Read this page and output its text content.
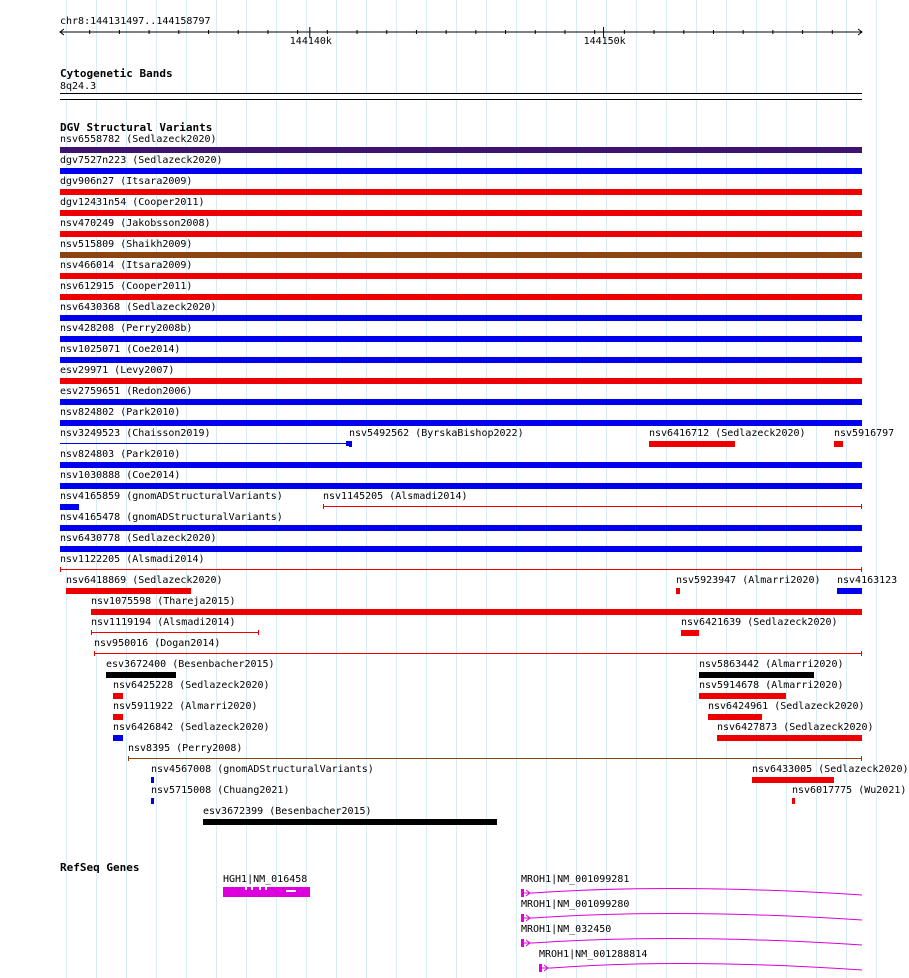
chr8:144131497..144158797
144140k	144150k
Cytogenetic Bands
8q24.3
DGV Structural Variants
nsv6558782 (Sedlazeck2020)
dgv7527n223 (Sedlazeck2020)
dgv906n27 (Itsara2009)
dgv12431n54 (Cooper2011)
nsv470249 (Jakobsson2008)
nsv515809 (Shaikh2009)
nsv466014 (Itsara2009)
nsv612915 (Cooper2011)
nsv6430368 (Sedlazeck2020)
nsv428208 (Perry2008b)
nsv1025071 (Coe2014)
esv29971 (Levy2007)
esv2759651 (Redon2006)
nsv824802 (Park2010)
nsv3249523 (Chaisson2019)	nsv5492562 (ByrskaBishop2022)	nsv6416712 (Sedlazeck2020)	nsv5916797
nsv824803 (Park2010)
nsv1030888 (Coe2014)
nsv4165859 (gnomADStructuralVariants)	nsv1145205 (Alsmadi2014)
nsv4165478 (gnomADStructuralVariants)
nsv6430778 (Sedlazeck2020)
nsv1122205 (Alsmadi2014)
nsv6418869 (Sedlazeck2020)	nsv5923947 (Almarri2020) nsv4163123
nsv1075598 (Thareja2015)
nsv1119194 (Alsmadi2014)	nsv6421639 (Sedlazeck2020)
nsv950016 (Dogan2014)
esv3672400 (Besenbacher2015)	nsv5863442 (Almarri2020)
nsv6425228 (Sedlazeck2020)	nsv5914678 (Almarri2020)
nsv5911922 (Almarri2020)	nsv6424961 (Sedlazeck2020)
nsv6426842 (Sedlazeck2020)	nsv6427873 (Sedlazeck2020)
nsv8395 (Perry2008)
nsv4567008 (gnomADStructuralVariants)	nsv6433005 (Sedlazeck2020)
nsv5715008 (Chuang2021)	nsv6017775 (Wu2021)
esv3672399 (Besenbacher2015)
RefSeq Genes
HGH1|NM_016458	MROH1|NM_001099281
MROH1|NM_001099280
MROH1|NM_032450
MROH1|NM_001288814
